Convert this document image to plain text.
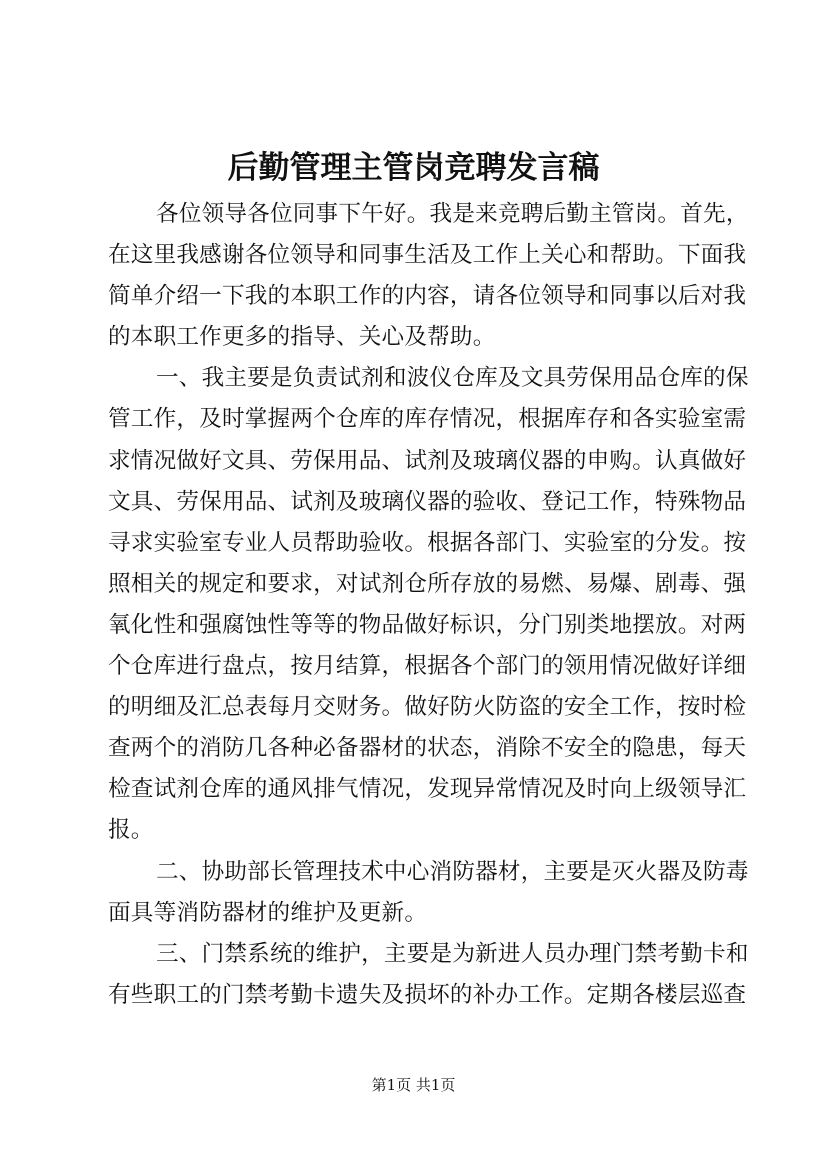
后勤管理主管岗竞聘发言稿
各位领导各位同事下午好。我是来竞聘后勤主管岗。首先，
在这里我感谢各位领导和同事生活及工作上关心和帮助。下面我
简单介绍一下我的本职工作的内容，请各位领导和同事以后对我
的本职工作更多的指导、关心及帮助。
一、我主要是负责试剂和波仪仓库及文具劳保用品仓库的保
管工作，及时掌握两个仓库的库存情况，根据库存和各实验室需
求情况做好文具、劳保用品、试剂及玻璃仪器的申购。认真做好
文具、劳保用品、试剂及玻璃仪器的验收、登记工作，特殊物品
寻求实验室专业人员帮助验收。根据各部门、实验室的分发。按
照相关的规定和要求，对试剂仓所存放的易燃、易爆、剧毒、强
氧化性和强腐蚀性等等的物品做好标识，分门别类地摆放。对两
个仓库进行盘点，按月结算，根据各个部门的领用情况做好详细
的明细及汇总表每月交财务。做好防火防盗的安全工作，按时检
查两个的消防几各种必备器材的状态，消除不安全的隐患，每天
检查试剂仓库的通风排气情况，发现异常情况及时向上级领导汇
报。
二、协助部长管理技术中心消防器材，主要是灭火器及防毒
面具等消防器材的维护及更新。
三、门禁系统的维护，主要是为新进人员办理门禁考勤卡和
有些职工的门禁考勤卡遗失及损坏的补办工作。定期各楼层巡查
第1页 共1页
